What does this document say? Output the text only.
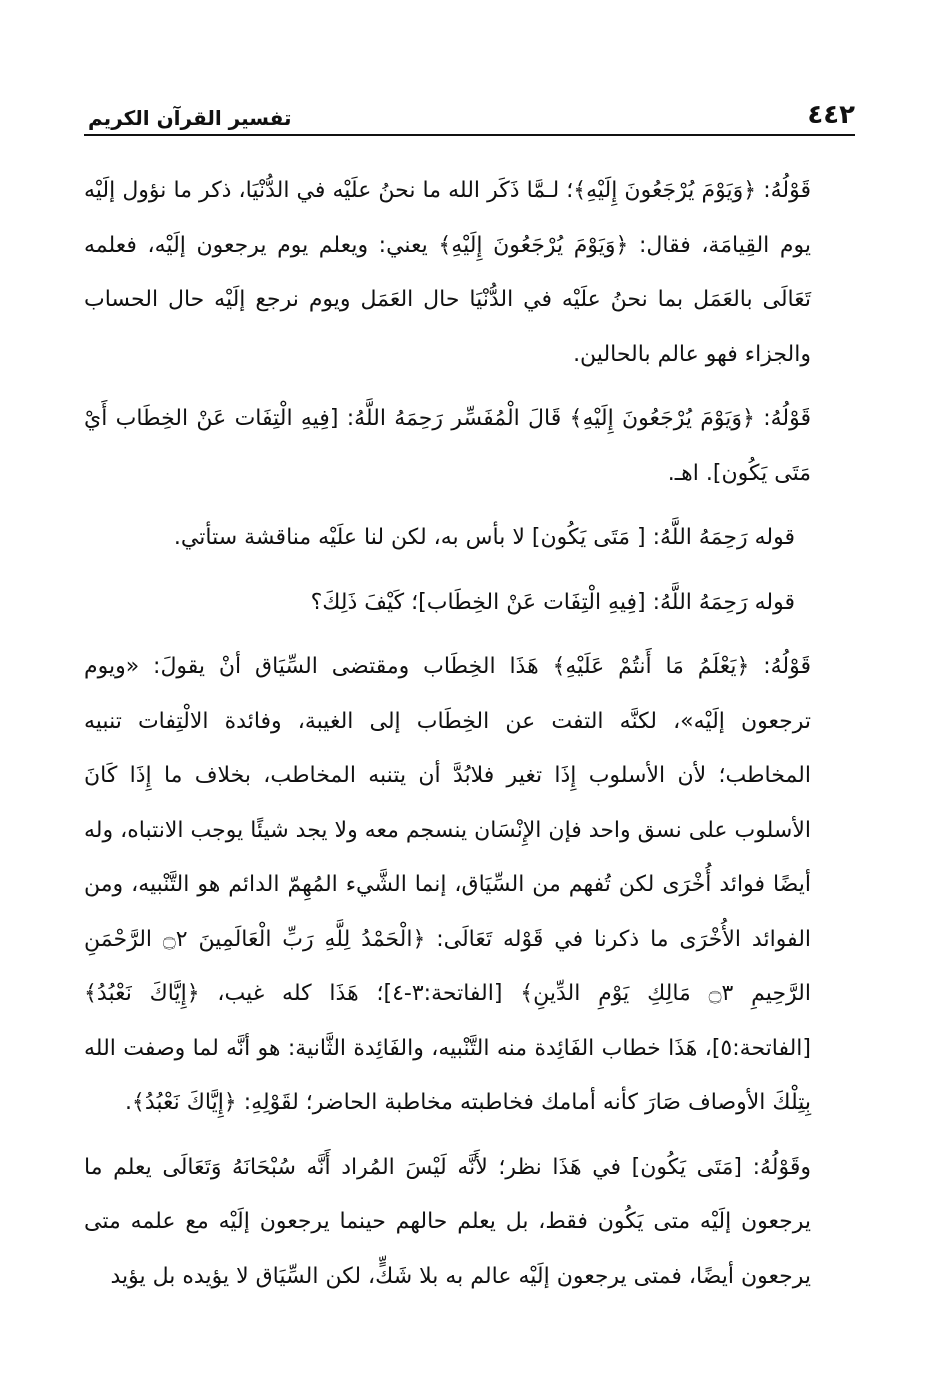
٤٤٢
تفسير القرآن الكريم

قَوْلُهُ: ﴿وَيَوْمَ يُرْجَعُونَ إِلَيْهِ﴾؛ لـمَّا ذَكَر الله ما نحنُ علَيْه في الدُّنْيَا، ذكر ما نؤول إلَيْه يوم القِيامَة، فقال: ﴿وَيَوْمَ يُرْجَعُونَ إِلَيْهِ﴾ يعني: ويعلم يوم يرجعون إلَيْه، فعلمه تَعَالَى بالعَمَل بما نحنُ علَيْه في الدُّنْيَا حال العَمَل ويوم نرجع إلَيْه حال الحساب والجزاء فهو عالم بالحالين.

قَوْلُهُ: ﴿وَيَوْمَ يُرْجَعُونَ إِلَيْهِ﴾ قَالَ الْمُفَسِّر رَحِمَهُ اللَّهُ: [فِيهِ الْتِفَات عَنْ الخِطَاب أَيْ مَتَى يَكُون]. اهـ.

قوله رَحِمَهُ اللَّهُ: [ مَتَى يَكُون] لا بأس به، لكن لنا علَيْه مناقشة ستأتي.

قوله رَحِمَهُ اللَّهُ: [فِيهِ الْتِفَات عَنْ الخِطَاب]؛ كَيْفَ ذَلِكَ؟

قَوْلُهُ: ﴿يَعْلَمُ مَا أَنتُمْ عَلَيْهِ﴾ هَذَا الخِطَاب ومقتضى السِّيَاق أنْ يقولَ: «ويوم ترجعون إلَيْه»، لكنَّه التفت عن الخِطَاب إلى الغيبة، وفائدة الالْتِفات تنبيه المخاطب؛ لأن الأسلوب إِذَا تغير فلابُدَّ أن يتنبه المخاطب، بخلاف ما إِذَا كَانَ الأسلوب على نسق واحد فإن الإِنْسَان ينسجم معه ولا يجد شيئًا يوجب الانتباه، وله أيضًا فوائد أُخْرَى لكن تُفهم من السِّيَاق، إنما الشَّيء المُهِمّ الدائم هو التَّنْبيه، ومن الفوائد الأُخْرَى ما ذكرنا في قَوْله تَعَالَى: ﴿الْحَمْدُ لِلَّهِ رَبِّ الْعَالَمِينَ ۝٢ الرَّحْمَنِ الرَّحِيمِ ۝٣ مَالِكِ يَوْمِ الدِّينِ﴾ [الفاتحة:٣-٤]؛ هَذَا كله غيب، ﴿إِيَّاكَ نَعْبُدُ﴾ [الفاتحة:٥]، هَذَا خطاب الفَائِدة منه التَّنْبيه، والفَائِدة الثَّانية: هو أنَّه لما وصفت الله بِتِلْكَ الأوصاف صَارَ كأنه أمامك فخاطبته مخاطبة الحاضر؛ لقَوْلِهِ: ﴿إِيَّاكَ نَعْبُدُ﴾.

وقَوْلُهُ: [مَتَى يَكُون] في هَذَا نظر؛ لأَنَّه لَيْسَ المُراد أَنَّه سُبْحَانَهُ وَتَعَالَى يعلم ما يرجعون إلَيْه متى يَكُون فقط، بل يعلم حالهم حينما يرجعون إلَيْه مع علمه متى يرجعون أيضًا، فمتى يرجعون إلَيْه عالم به بلا شَكٍّ، لكن السِّيَاق لا يؤيده بل يؤيد
